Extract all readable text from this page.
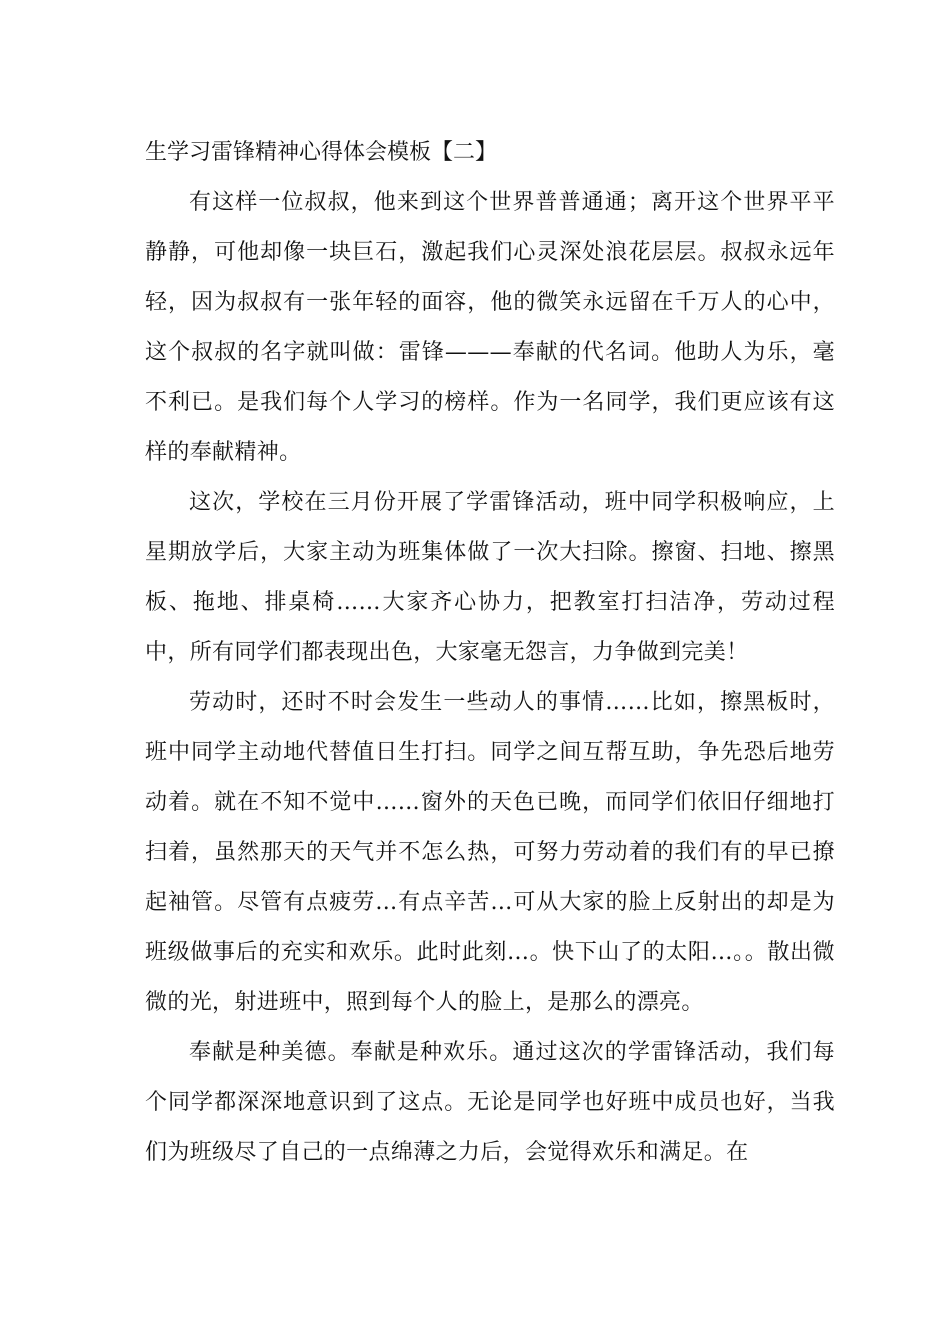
生学习雷锋精神心得体会模板【二】

有这样一位叔叔，他来到这个世界普普通通；离开这个世界平平静静，可他却像一块巨石，激起我们心灵深处浪花层层。叔叔永远年轻，因为叔叔有一张年轻的面容，他的微笑永远留在千万人的心中，这个叔叔的名字就叫做：雷锋———奉献的代名词。他助人为乐，毫不利已。是我们每个人学习的榜样。作为一名同学，我们更应该有这样的奉献精神。

这次，学校在三月份开展了学雷锋活动，班中同学积极响应，上星期放学后，大家主动为班集体做了一次大扫除。擦窗、扫地、擦黑板、拖地、排桌椅……大家齐心协力，把教室打扫洁净，劳动过程中，所有同学们都表现出色，大家毫无怨言，力争做到完美！

劳动时，还时不时会发生一些动人的事情……比如，擦黑板时，班中同学主动地代替值日生打扫。同学之间互帮互助，争先恐后地劳动着。就在不知不觉中……窗外的天色已晚，而同学们依旧仔细地打扫着，虽然那天的天气并不怎么热，可努力劳动着的我们有的早已撩起袖管。尽管有点疲劳…有点辛苦…可从大家的脸上反射出的却是为班级做事后的充实和欢乐。此时此刻…。快下山了的太阳…。。散出微微的光，射进班中，照到每个人的脸上，是那么的漂亮。

奉献是种美德。奉献是种欢乐。通过这次的学雷锋活动，我们每个同学都深深地意识到了这点。无论是同学也好班中成员也好，当我们为班级尽了自己的一点绵薄之力后，会觉得欢乐和满足。在
